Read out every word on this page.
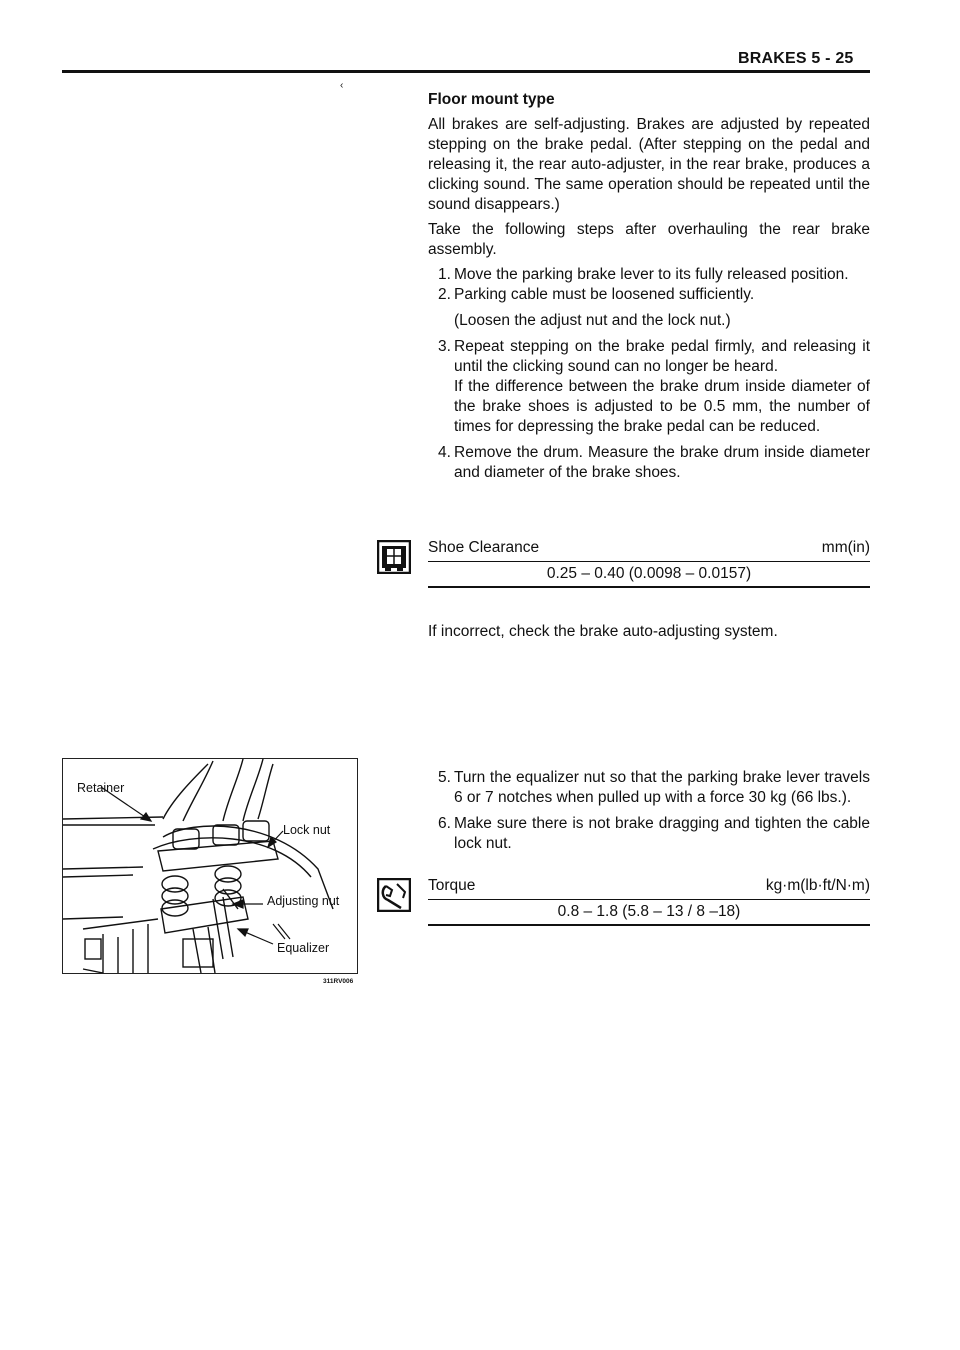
BRAKES 5 - 25
‹
Floor mount type

All brakes are self-adjusting. Brakes are adjusted by repeated stepping on the brake pedal. (After stepping on the pedal and releasing it, the rear auto-adjuster, in the rear brake, produces a clicking sound. The same operation should be repeated until the sound disappears.)

Take the following steps after overhauling the rear brake assembly.

1. Move the parking brake lever to its fully released position.
2. Parking cable must be loosened sufficiently.
(Loosen the adjust nut and the lock nut.)
3. Repeat stepping on the brake pedal firmly, and releasing it until the clicking sound can no longer be heard.
If the difference between the brake drum inside diameter of the brake shoes is adjusted to be 0.5 mm, the number of times for depressing the brake pedal can be reduced.
4. Remove the drum. Measure the brake drum inside diameter and diameter of the brake shoes.
Shoe Clearance	mm(in)
0.25 – 0.40 (0.0098 – 0.0157)

If incorrect, check the brake auto-adjusting system.

Retainer
Lock nut
Adjusting nut
Equalizer
311RV006
5. Turn the equalizer nut so that the parking brake lever travels 6 or 7 notches when pulled up with a force 30 kg (66 lbs.).
6. Make sure there is not brake dragging and tighten the cable lock nut.
Torque	kg·m(lb·ft/N·m)
0.8 – 1.8 (5.8 – 13 / 8 –18)
